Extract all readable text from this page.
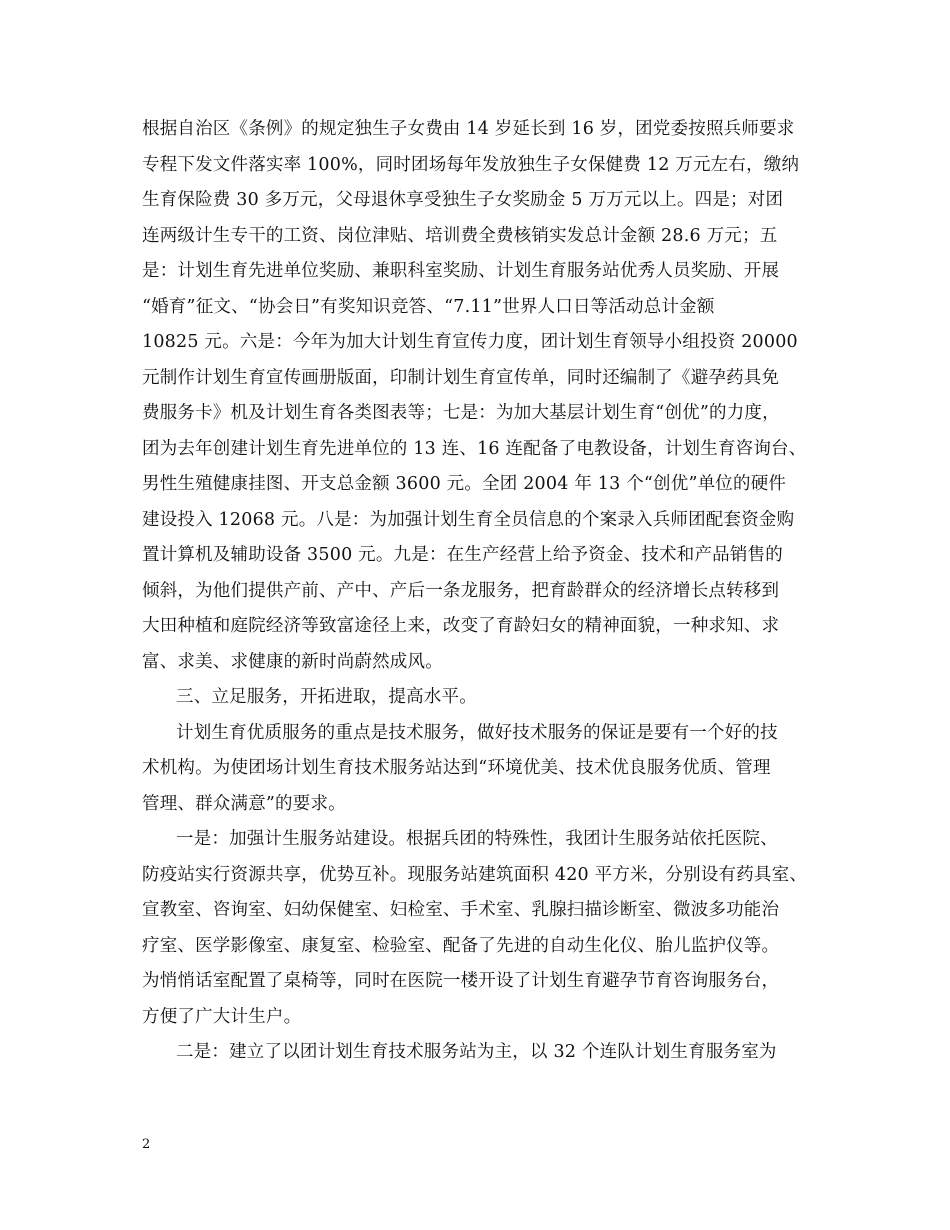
根据自治区《条例》的规定独生子女费由 14 岁延长到 16 岁，团党委按照兵师要求
专程下发文件落实率 100%，同时团场每年发放独生子女保健费 12 万元左右，缴纳
生育保险费 30 多万元，父母退休享受独生子女奖励金 5 万万元以上。四是；对团
连两级计生专干的工资、岗位津贴、培训费全费核销实发总计金额 28.6 万元；五
是：计划生育先进单位奖励、兼职科室奖励、计划生育服务站优秀人员奖励、开展
“婚育”征文、“协会日”有奖知识竞答、“7.11”世界人口日等活动总计金额
10825 元。六是：今年为加大计划生育宣传力度，团计划生育领导小组投资 20000
元制作计划生育宣传画册版面，印制计划生育宣传单，同时还编制了《避孕药具免
费服务卡》机及计划生育各类图表等；七是：为加大基层计划生育“创优”的力度，
团为去年创建计划生育先进单位的 13 连、16 连配备了电教设备，计划生育咨询台、
男性生殖健康挂图、开支总金额 3600 元。全团 2004 年 13 个“创优”单位的硬件
建设投入 12068 元。八是：为加强计划生育全员信息的个案录入兵师团配套资金购
置计算机及辅助设备 3500 元。九是：在生产经营上给予资金、技术和产品销售的
倾斜，为他们提供产前、产中、产后一条龙服务，把育龄群众的经济增长点转移到
大田种植和庭院经济等致富途径上来，改变了育龄妇女的精神面貌，一种求知、求
富、求美、求健康的新时尚蔚然成风。
三、立足服务，开拓进取，提高水平。
计划生育优质服务的重点是技术服务，做好技术服务的保证是要有一个好的技
术机构。为使团场计划生育技术服务站达到“环境优美、技术优良服务优质、管理
管理、群众满意”的要求。
一是：加强计生服务站建设。根据兵团的特殊性，我团计生服务站依托医院、
防疫站实行资源共享，优势互补。现服务站建筑面积 420 平方米，分别设有药具室、
宣教室、咨询室、妇幼保健室、妇检室、手术室、乳腺扫描诊断室、微波多功能治
疗室、医学影像室、康复室、检验室、配备了先进的自动生化仪、胎儿监护仪等。
为悄悄话室配置了桌椅等，同时在医院一楼开设了计划生育避孕节育咨询服务台，
方便了广大计生户。
二是：建立了以团计划生育技术服务站为主，以 32 个连队计划生育服务室为
2
